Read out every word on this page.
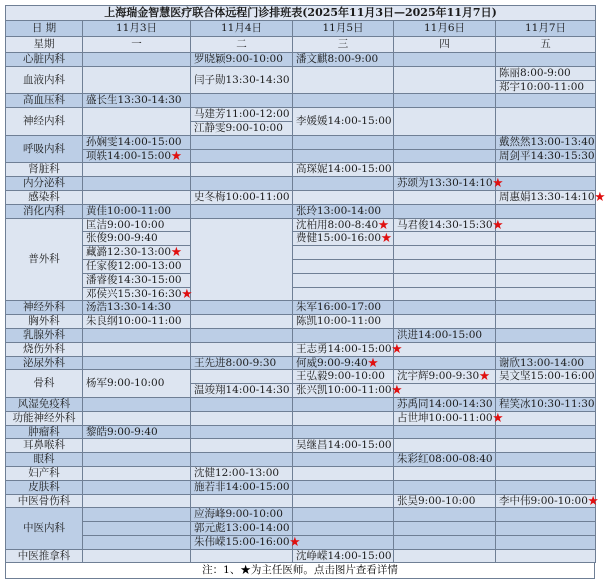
上海瑞金智慧医疗联合体远程门诊排班表(2025年11月3日—2025年11月7日)					
日 期	11月3日	11月4日	11月5日	11月6日	11月7日
星期	一	二	三	四	五
心脏内科		罗晓颖9:00-10:00	潘文麒8:00-9:00		
血液内科		闫子勋13:30-14:30			陈丽8:00-9:00
					郑宇10:00-11:00
高血压科	盛长生13:30-14:30				
神经内科		马建芳11:00-12:00	李媛媛14:00-15:00		
		江静雯9:00-10:00			
呼吸内科	孙娴雯14:00-15:00				戴然然13:00-13:40
	项轶14:00-15:00★				周剑平14:30-15:30
肾脏科			高琛妮14:00-15:00		
内分泌科				苏颂为13:30-14:10★	
感染科		史冬梅10:00-11:00			周惠娟13:30-14:10★
消化内科	黄佳10:00-11:00		张玲13:00-14:00		
普外科	匡洁9:00-10:00		沈柏用8:00-8:40★	马君俊14:30-15:30★	
	张俊9:00-9:40		费健15:00-16:00★		
	藏潞12:30-13:00★				
	任家俊12:00-13:00				
	潘睿俊14:30-15:00				
	邓侯兴15:30-16:30★				
神经外科	汤浩13:30-14:30		朱军16:00-17:00		
胸外科	朱良纲10:00-11:00		陈凯10:00-11:00		
乳腺外科				洪进14:00-15:00	
烧伤外科			王志勇14:00-15:00★		
泌尿外科		王先进8:00-9:30	何威9:00-9:40★		谢欣13:00-14:00
骨科	杨军9:00-10:00		王弘毅9:00-10:00	沈宇辉9:00-9:30★	吴文坚15:00-16:00
		温竣翔14:00-14:30	张兴凯10:00-11:00★		
风湿免疫科				苏禹同14:00-14:30	程笑冰10:30-11:30
功能神经外科				占世坤10:00-11:00★	
肿瘤科	黎皓9:00-9:40				
耳鼻喉科			吴继昌14:00-15:00		
眼科				朱彩红08:00-08:40	
妇产科		沈健12:00-13:00			
皮肤科		施若非14:00-15:00			
中医骨伤科				张昊9:00-10:00	李中伟9:00-10:00★
中医内科		应海峰9:00-10:00			
		郭元彪13:00-14:00			
		朱伟嵘15:00-16:00★			
中医推拿科			沈峥嵘14:00-15:00		
注：1、★为主任医师。点击图片查看详情
